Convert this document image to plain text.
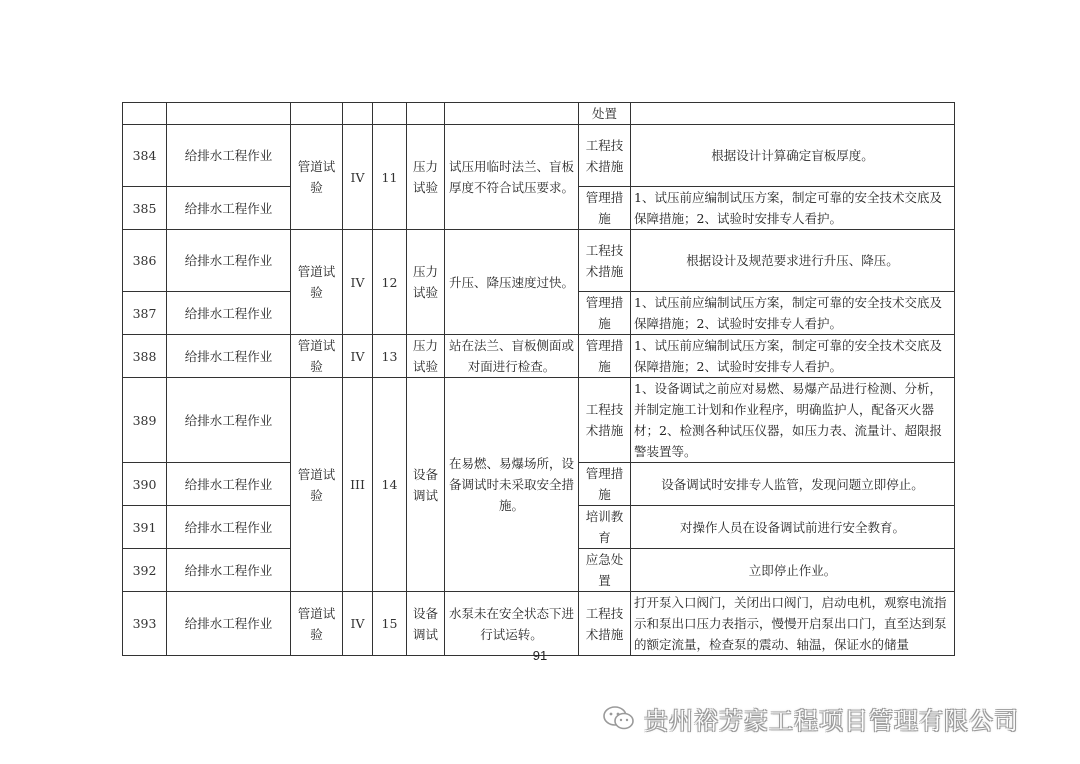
							处置	
384	给排水工程作业	管道试验	IV	11	压力试验	试压用临时法兰、盲板厚度不符合试压要求。	工程技术措施	根据设计计算确定盲板厚度。
385	给排水工程作业						管理措施	1、试压前应编制试压方案，制定可靠的安全技术交底及保障措施；2、试验时安排专人看护。
386	给排水工程作业	管道试验	IV	12	压力试验	升压、降压速度过快。	工程技术措施	根据设计及规范要求进行升压、降压。
387	给排水工程作业						管理措施	1、试压前应编制试压方案，制定可靠的安全技术交底及保障措施；2、试验时安排专人看护。
388	给排水工程作业	管道试验	IV	13	压力试验	站在法兰、盲板侧面或对面进行检查。	管理措施	1、试压前应编制试压方案，制定可靠的安全技术交底及保障措施；2、试验时安排专人看护。
389	给排水工程作业	管道试验	III	14	设备调试	在易燃、易爆场所，设备调试时未采取安全措施。	工程技术措施	1、设备调试之前应对易燃、易爆产品进行检测、分析，并制定施工计划和作业程序，明确监护人，配备灭火器材；2、检测各种试压仪器，如压力表、流量计、超限报警装置等。
390	给排水工程作业						管理措施	设备调试时安排专人监管，发现问题立即停止。
391	给排水工程作业						培训教育	对操作人员在设备调试前进行安全教育。
392	给排水工程作业						应急处置	立即停止作业。
393	给排水工程作业	管道试验	IV	15	设备调试	水泵未在安全状态下进行试运转。	工程技术措施	打开泵入口阀门，关闭出口阀门，启动电机，观察电流指示和泵出口压力表指示，慢慢开启泵出口门，直至达到泵的额定流量，检查泵的震动、轴温，保证水的储量
91
贵州裕芳豪工程项目管理有限公司
